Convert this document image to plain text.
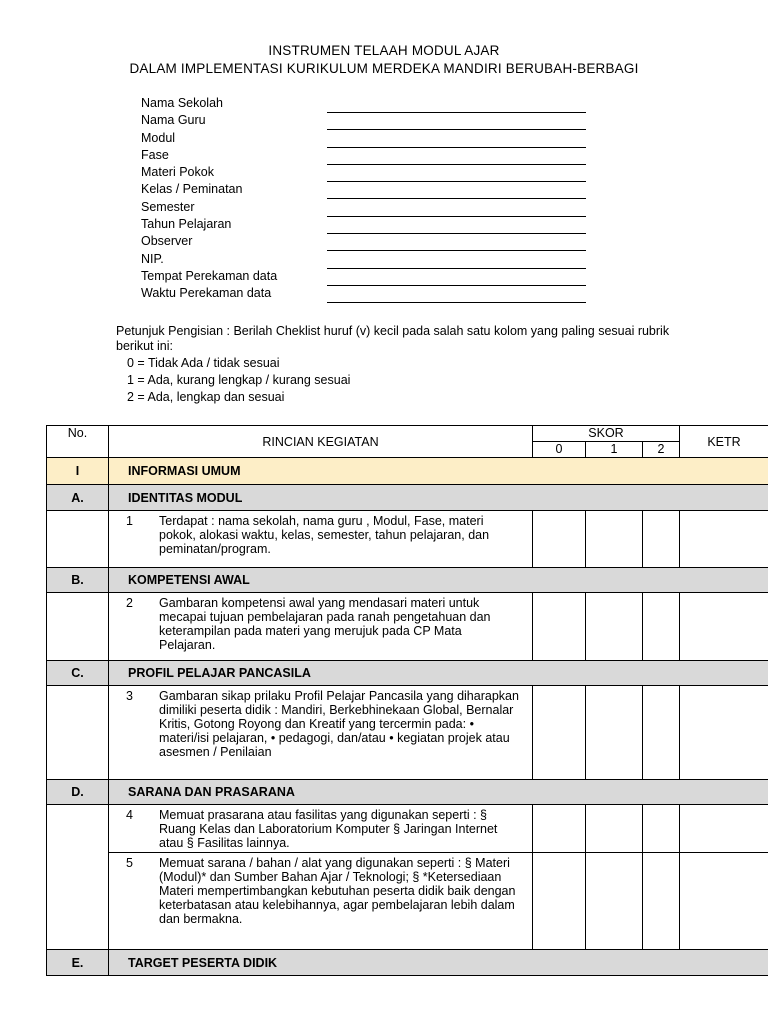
INSTRUMEN TELAAH MODUL AJAR
DALAM IMPLEMENTASI KURIKULUM MERDEKA MANDIRI BERUBAH-BERBAGI
Nama Sekolah
Nama Guru
Modul
Fase
Materi Pokok
Kelas / Peminatan
Semester
Tahun Pelajaran
Observer
NIP.
Tempat Perekaman data
Waktu Perekaman data
Petunjuk Pengisian : Berilah Cheklist huruf (v) kecil pada salah satu kolom yang paling sesuai rubrik berikut ini:
0 = Tidak Ada / tidak sesuai
1 = Ada, kurang lengkap / kurang sesuai
2 = Ada, lengkap dan sesuai
No.	RINCIAN KEGIATAN	SKOR			KETR
		0	1	2	
I	INFORMASI UMUM				
A.	IDENTITAS MODUL				

	1 Terdapat : nama sekolah, nama guru , Modul, Fase, materi pokok, alokasi waktu, kelas, semester, tahun pelajaran, dan peminatan/program.				

B.	KOMPETENSI AWAL				

	2 Gambaran kompetensi awal yang mendasari materi untuk mecapai tujuan pembelajaran pada ranah pengetahuan dan keterampilan pada materi yang merujuk pada CP Mata Pelajaran.				

C.	PROFIL PELAJAR PANCASILA				

	3 Gambaran sikap prilaku Profil Pelajar Pancasila yang diharapkan dimiliki peserta didik : Mandiri, Berkebhinekaan Global, Bernalar Kritis, Gotong Royong dan Kreatif yang tercermin pada: • materi/isi pelajaran, • pedagogi, dan/atau • kegiatan projek atau asesmen / Penilaian				

D.	SARANA DAN PRASARANA				

	4 Memuat prasarana atau fasilitas yang digunakan seperti : § Ruang Kelas dan Laboratorium Komputer § Jaringan Internet atau § Fasilitas lainnya.				

	5 Memuat sarana / bahan / alat yang digunakan seperti : § Materi (Modul)* dan Sumber Bahan Ajar / Teknologi; § *Ketersediaan Materi mempertimbangkan kebutuhan peserta didik baik dengan keterbatasan atau kelebihannya, agar pembelajaran lebih dalam dan bermakna.				

E.	TARGET PESERTA DIDIK				
